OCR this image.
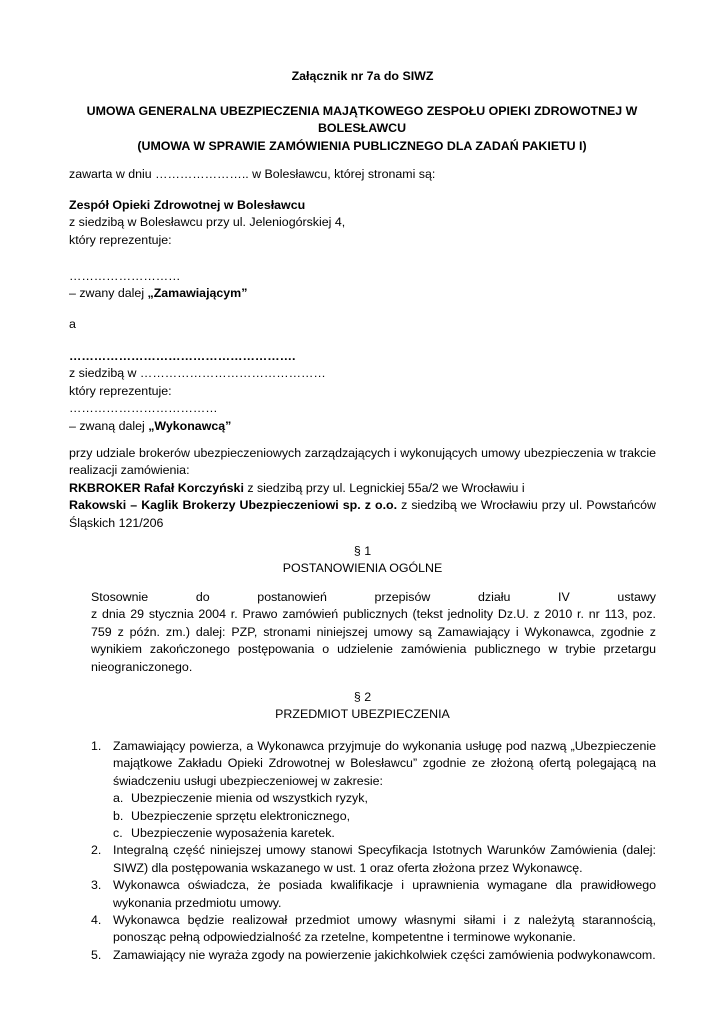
Załącznik nr 7a do SIWZ

UMOWA GENERALNA UBEZPIECZENIA MAJĄTKOWEGO ZESPOŁU OPIEKI ZDROWOTNEJ W BOLESŁAWCU

(UMOWA W SPRAWIE ZAMÓWIENIA PUBLICZNEGO DLA ZADAŃ PAKIETU I)

zawarta w dniu ………………….. w Bolesławcu, której stronami są:

Zespół Opieki Zdrowotnej w Bolesławcu

z siedzibą w Bolesławcu przy ul. Jeleniogórskiej 4,

który reprezentuje:

………………………

– zwany dalej „Zamawiającym”

a

……………………………………………….

z siedzibą w ………………………………………

który reprezentuje:

………………………………

– zwaną dalej „Wykonawcą”

przy udziale brokerów ubezpieczeniowych zarządzających i wykonujących umowy ubezpieczenia w trakcie realizacji zamówienia:

RKBROKER Rafał Korczyński z siedzibą przy ul. Legnickiej 55a/2 we Wrocławiu i

Rakowski – Kaglik Brokerzy Ubezpieczeniowi sp. z o.o. z siedzibą we Wrocławiu przy ul. Powstańców Śląskich 121/206

§ 1

POSTANOWIENIA OGÓLNE

Stosownie do postanowień przepisów działu IV ustawy

z dnia 29 stycznia 2004 r. Prawo zamówień publicznych (tekst jednolity Dz.U. z 2010 r. nr 113, poz. 759 z późn. zm.) dalej: PZP, stronami niniejszej umowy są Zamawiający i Wykonawca, zgodnie z wynikiem zakończonego postępowania o udzielenie zamówienia publicznego w trybie przetargu nieograniczonego.

§ 2

PRZEDMIOT UBEZPIECZENIA

1. Zamawiający powierza, a Wykonawca przyjmuje do wykonania usługę pod nazwą „Ubezpieczenie majątkowe Zakładu Opieki Zdrowotnej w Bolesławcu” zgodnie ze złożoną ofertą polegającą na świadczeniu usługi ubezpieczeniowej w zakresie:

a. Ubezpieczenie mienia od wszystkich ryzyk,
b. Ubezpieczenie sprzętu elektronicznego,
c. Ubezpieczenie wyposażenia karetek.
2. Integralną część niniejszej umowy stanowi Specyfikacja Istotnych Warunków Zamówienia (dalej: SIWZ) dla postępowania wskazanego w ust. 1 oraz oferta złożona przez Wykonawcę.

3. Wykonawca oświadcza, że posiada kwalifikacje i uprawnienia wymagane dla prawidłowego wykonania przedmiotu umowy.

4. Wykonawca będzie realizował przedmiot umowy własnymi siłami i z należytą starannością, ponosząc pełną odpowiedzialność za rzetelne, kompetentne i terminowe wykonanie.

5. Zamawiający nie wyraża zgody na powierzenie jakichkolwiek części zamówienia podwykonawcom.
